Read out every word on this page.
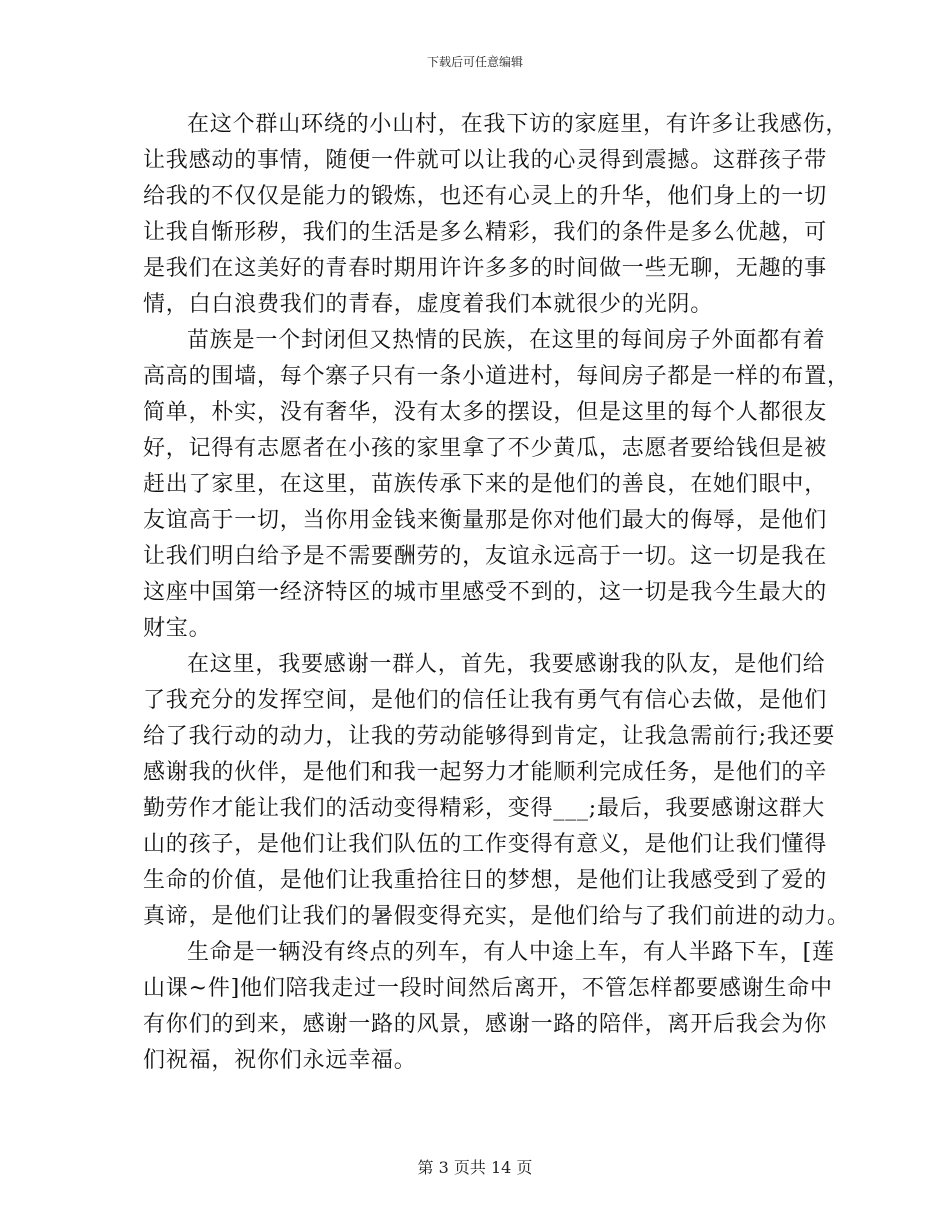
下载后可任意编辑
在这个群山环绕的小山村，在我下访的家庭里，有许多让我感伤，
让我感动的事情，随便一件就可以让我的心灵得到震撼。这群孩子带
给我的不仅仅是能力的锻炼，也还有心灵上的升华，他们身上的一切
让我自惭形秽，我们的生活是多么精彩，我们的条件是多么优越，可
是我们在这美好的青春时期用许许多多的时间做一些无聊，无趣的事
情，白白浪费我们的青春，虚度着我们本就很少的光阴。
苗族是一个封闭但又热情的民族，在这里的每间房子外面都有着
高高的围墙，每个寨子只有一条小道进村，每间房子都是一样的布置，
简单，朴实，没有奢华，没有太多的摆设，但是这里的每个人都很友
好，记得有志愿者在小孩的家里拿了不少黄瓜，志愿者要给钱但是被
赶出了家里，在这里，苗族传承下来的是他们的善良，在她们眼中，
友谊高于一切，当你用金钱来衡量那是你对他们最大的侮辱，是他们
让我们明白给予是不需要酬劳的，友谊永远高于一切。这一切是我在
这座中国第一经济特区的城市里感受不到的，这一切是我今生最大的
财宝。
在这里，我要感谢一群人，首先，我要感谢我的队友，是他们给
了我充分的发挥空间，是他们的信任让我有勇气有信心去做，是他们
给了我行动的动力，让我的劳动能够得到肯定，让我急需前行;我还要
感谢我的伙伴，是他们和我一起努力才能顺利完成任务，是他们的辛
勤劳作才能让我们的活动变得精彩，变得___;最后，我要感谢这群大
山的孩子，是他们让我们队伍的工作变得有意义，是他们让我们懂得
生命的价值，是他们让我重拾往日的梦想，是他们让我感受到了爱的
真谛，是他们让我们的暑假变得充实，是他们给与了我们前进的动力。
生命是一辆没有终点的列车，有人中途上车，有人半路下车，[莲
山课~件]他们陪我走过一段时间然后离开，不管怎样都要感谢生命中
有你们的到来，感谢一路的风景，感谢一路的陪伴，离开后我会为你
们祝福，祝你们永远幸福。
第 3 页共 14 页
